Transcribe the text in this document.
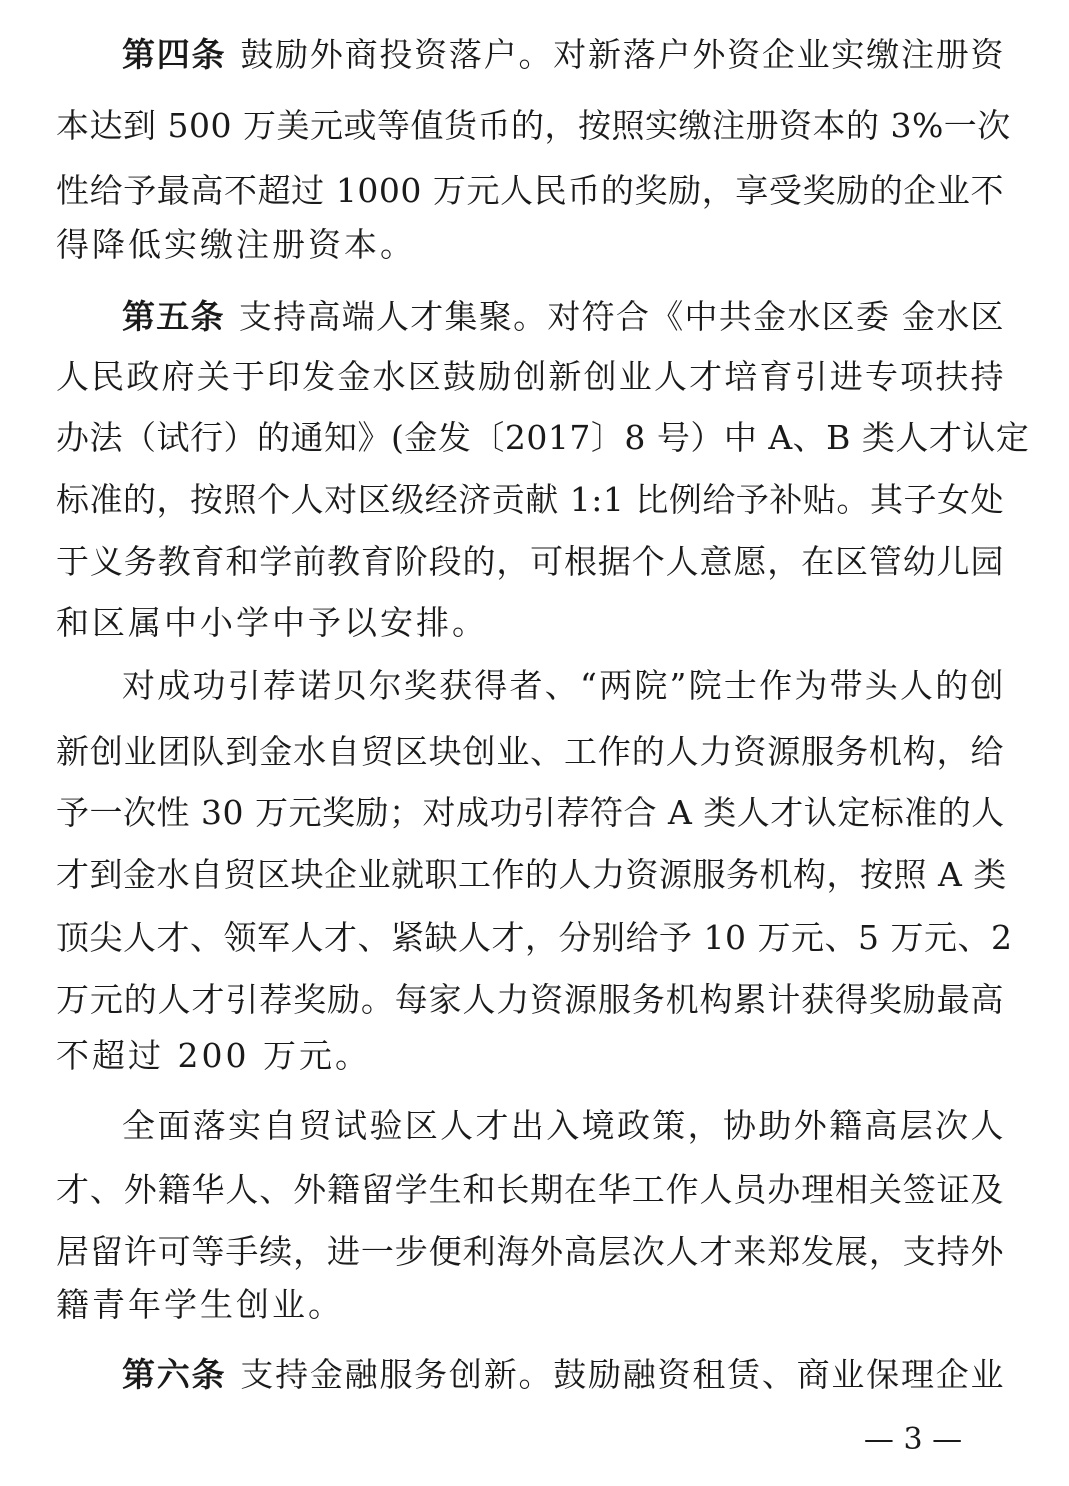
第四条 鼓励外商投资落户。对新落户外资企业实缴注册资
本达到 500 万美元或等值货币的，按照实缴注册资本的 3%一次
性给予最高不超过 1000 万元人民币的奖励，享受奖励的企业不
得降低实缴注册资本。
第五条 支持高端人才集聚。对符合《中共金水区委 金水区
人民政府关于印发金水区鼓励创新创业人才培育引进专项扶持
办法（试行）的通知》(金发〔2017〕8 号）中 A、B 类人才认定
标准的，按照个人对区级经济贡献 1:1 比例给予补贴。其子女处
于义务教育和学前教育阶段的，可根据个人意愿，在区管幼儿园
和区属中小学中予以安排。
对成功引荐诺贝尔奖获得者、“两院”院士作为带头人的创
新创业团队到金水自贸区块创业、工作的人力资源服务机构，给
予一次性 30 万元奖励；对成功引荐符合 A 类人才认定标准的人
才到金水自贸区块企业就职工作的人力资源服务机构，按照 A 类
顶尖人才、领军人才、紧缺人才，分别给予 10 万元、5 万元、2
万元的人才引荐奖励。每家人力资源服务机构累计获得奖励最高
不超过 200 万元。
全面落实自贸试验区人才出入境政策，协助外籍高层次人
才、外籍华人、外籍留学生和长期在华工作人员办理相关签证及
居留许可等手续，进一步便利海外高层次人才来郑发展，支持外
籍青年学生创业。
第六条 支持金融服务创新。鼓励融资租赁、商业保理企业
— 3 —
